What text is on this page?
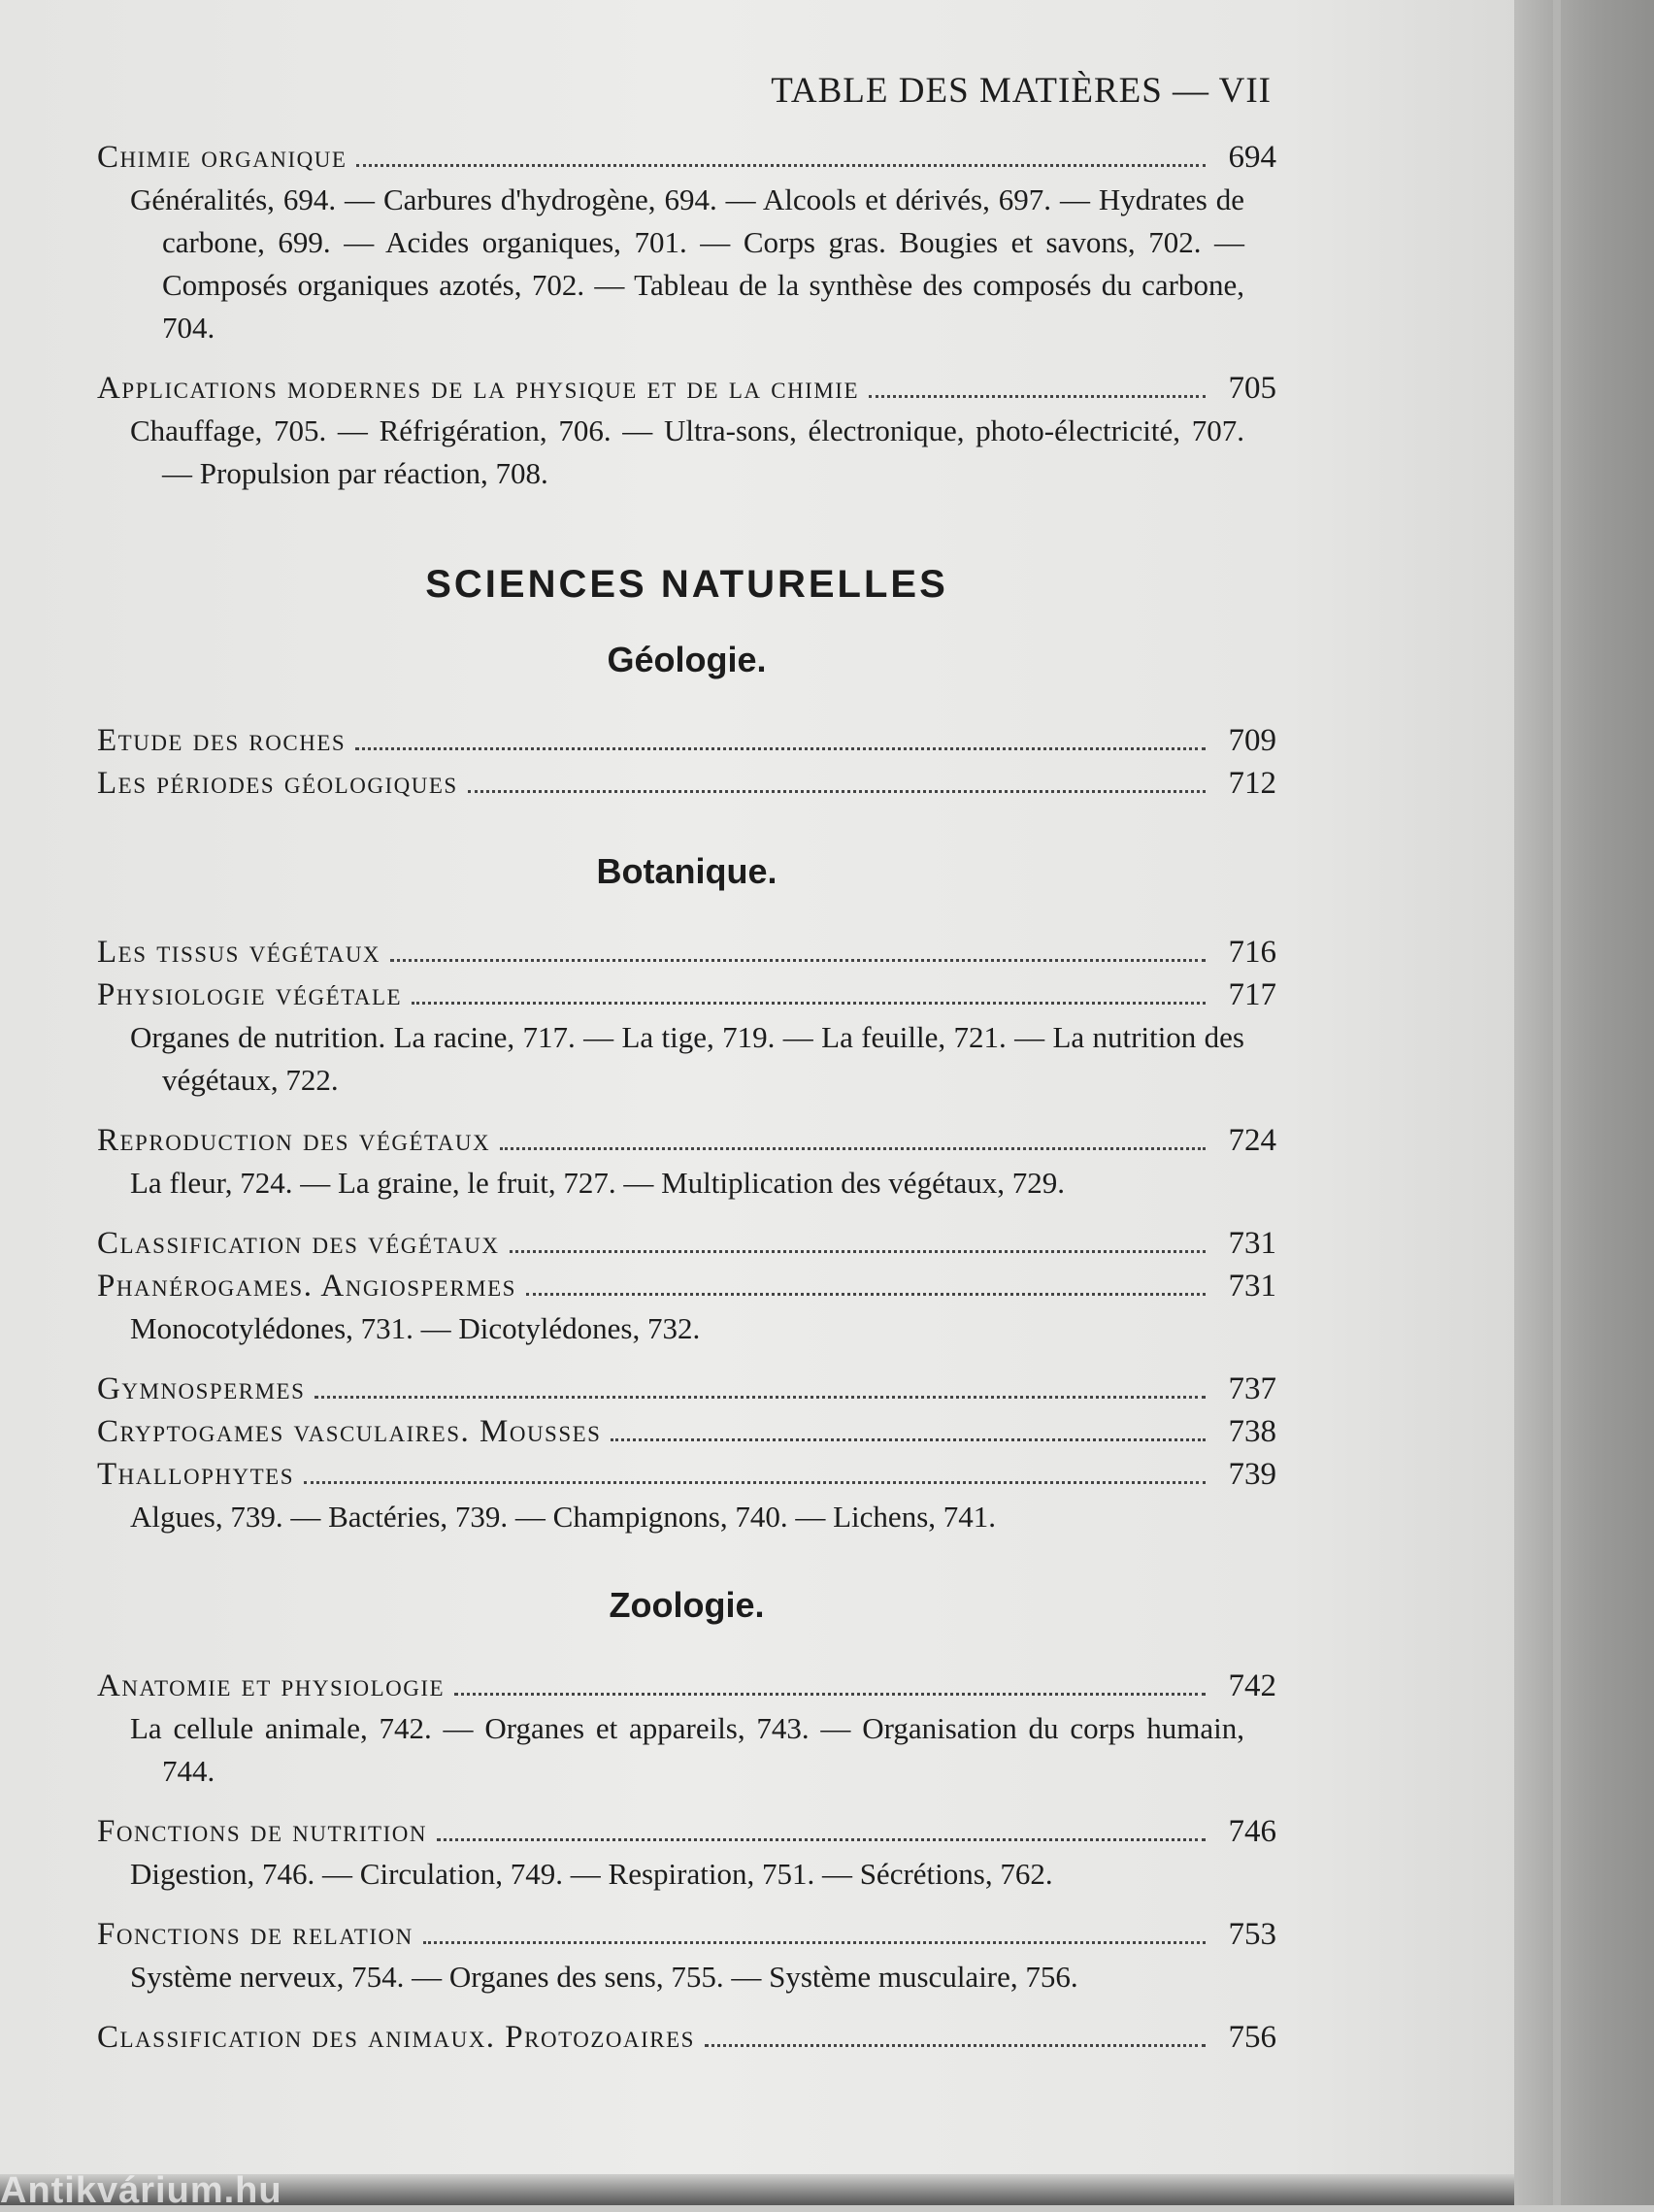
TABLE DES MATIÈRES — VII
Chimie organique	694
Généralités, 694. — Carbures d'hydrogène, 694. — Alcools et dérivés, 697. — Hydrates de carbone, 699. — Acides organiques, 701. — Corps gras. Bougies et savons, 702. — Composés organiques azotés, 702. — Tableau de la synthèse des composés du carbone, 704.
Applications modernes de la physique et de la chimie	705
Chauffage, 705. — Réfrigération, 706. — Ultra-sons, électronique, photo-électricité, 707. — Propulsion par réaction, 708.
SCIENCES NATURELLES
Géologie.
Etude des roches	709
Les périodes géologiques	712
Botanique.
Les tissus végétaux	716
Physiologie végétale	717
Organes de nutrition. La racine, 717. — La tige, 719. — La feuille, 721. — La nutrition des végétaux, 722.
Reproduction des végétaux	724
La fleur, 724. — La graine, le fruit, 727. — Multiplication des végétaux, 729.
Classification des végétaux	731
Phanérogames. Angiospermes	731
Monocotylédones, 731. — Dicotylédones, 732.
Gymnospermes	737
Cryptogames vasculaires. Mousses	738
Thallophytes	739
Algues, 739. — Bactéries, 739. — Champignons, 740. — Lichens, 741.
Zoologie.
Anatomie et physiologie	742
La cellule animale, 742. — Organes et appareils, 743. — Organisation du corps humain, 744.
Fonctions de nutrition	746
Digestion, 746. — Circulation, 749. — Respiration, 751. — Sécrétions, 762.
Fonctions de relation	753
Système nerveux, 754. — Organes des sens, 755. — Système musculaire, 756.
Classification des animaux. Protozoaires	756
Antikvárium.hu
